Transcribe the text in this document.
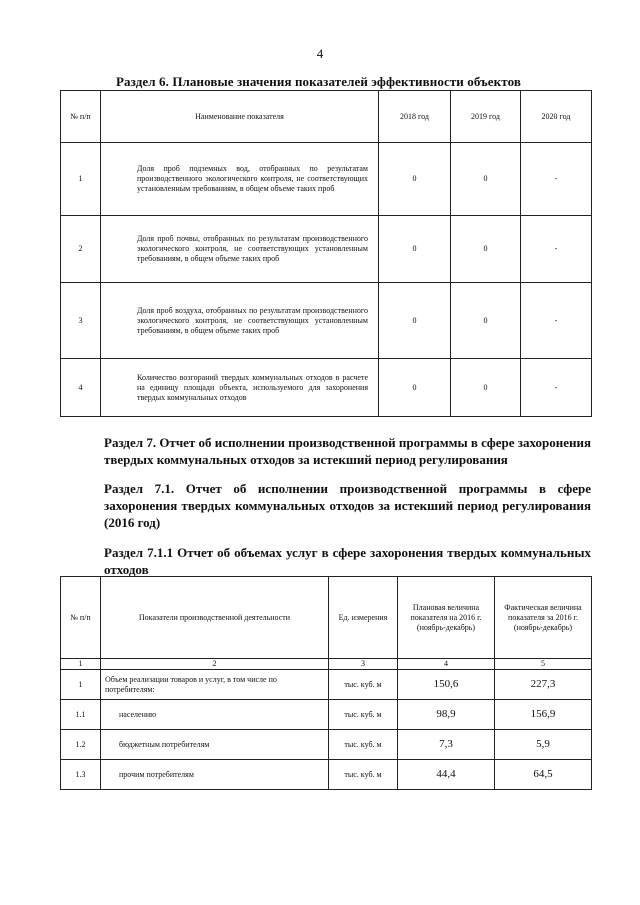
4
Раздел 6. Плановые значения показателей эффективности объектов
№ п/п	Наименование показателя	2018 год	2019 год	2020 год
1	Доля проб подземных вод, отобранных по результатам производственного экологического контроля, не соответствующих установленным требованиям, в общем объеме таких проб	0	0	-
2	Доля проб почвы, отобранных по результатам производственного экологического контроля, не соответствующих установленным требованиям, в общем объеме таких проб	0	0	-
3	Доля проб воздуха, отобранных по результатам производственного экологического контроля, не соответствующих установленным требованиям, в общем объеме таких проб	0	0	-
4	Количество возгораний твердых коммунальных отходов в расчете на единицу площади объекта, используемого для захоронения твердых коммунальных отходов	0	0	-
Раздел 7. Отчет об исполнении производственной программы в сфере захоронения твердых коммунальных отходов за истекший период регулирования
Раздел 7.1. Отчет об исполнении производственной программы в сфере захоронения твердых коммунальных отходов за истекший период регулирования (2016 год)
Раздел 7.1.1 Отчет об объемах услуг в сфере захоронения твердых коммунальных отходов
№ п/п	Показатели производственной деятельности	Ед. измерения	Плановая величина показателя на 2016 г. (ноябрь-декабрь)	Фактическая величина показателя за 2016 г. (ноябрь-декабрь)
1	2	3	4	5
1	Объем реализации товаров и услуг, в том числе по потребителям:	тыс. куб. м	150,6	227,3
1.1	населению	тыс. куб. м	98,9	156,9
1.2	бюджетным потребителям	тыс. куб. м	7,3	5,9
1.3	прочим потребителям	тыс. куб. м	44,4	64,5
